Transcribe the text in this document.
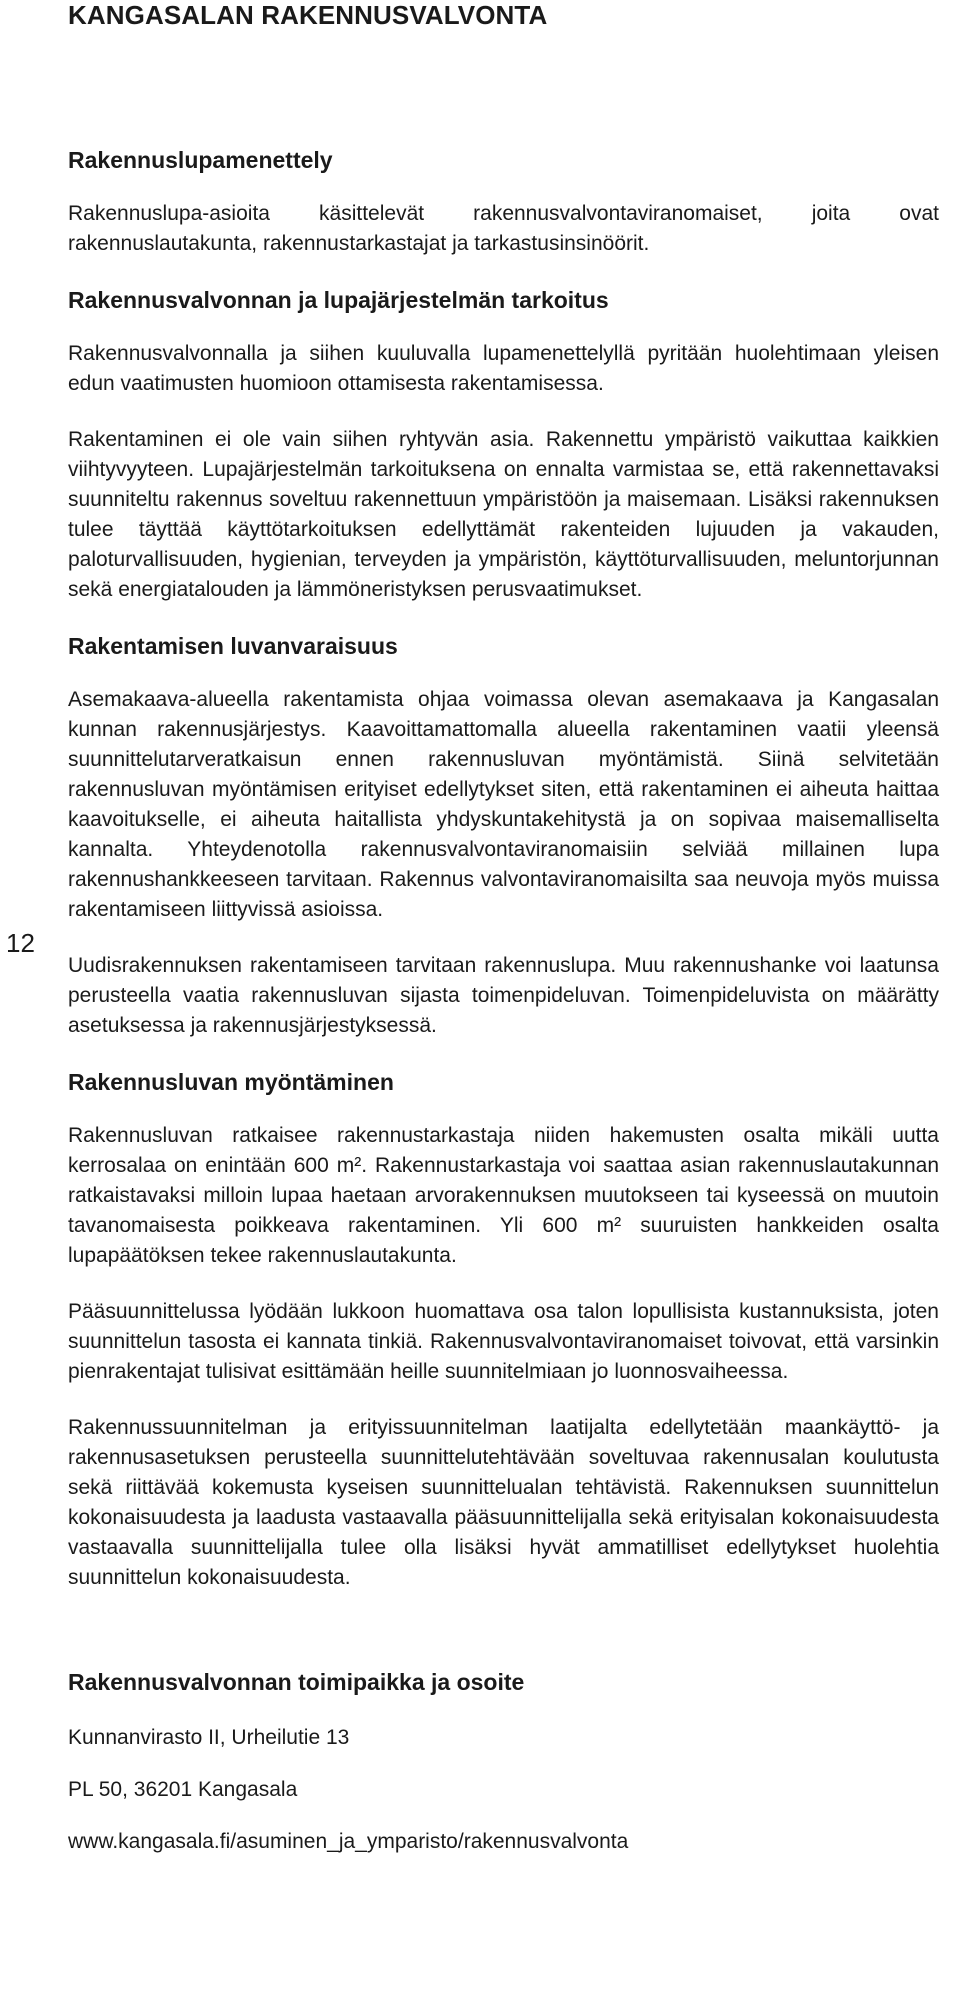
KANGASALAN RAKENNUSVALVONTA
12
Rakennuslupamenettely

Rakennuslupa-asioita käsittelevät rakennusvalvontaviranomaiset, joita ovat rakennuslautakunta, rakennustarkastajat ja tarkastusinsinöörit.

Rakennusvalvonnan ja lupajärjestelmän tarkoitus

Rakennusvalvonnalla ja siihen kuuluvalla lupamenettelyllä pyritään huolehtimaan yleisen edun vaatimusten huomioon ottamisesta rakentamisessa.

Rakentaminen ei ole vain siihen ryhtyvän asia. Rakennettu ympäristö vaikuttaa kaikkien viihtyvyyteen. Lupajärjestelmän tarkoituksena on ennalta varmistaa se, että rakennettavaksi suunniteltu rakennus soveltuu rakennettuun ympäristöön ja maisemaan. Lisäksi rakennuksen tulee täyttää käyttötarkoituksen edellyttämät rakenteiden lujuuden ja vakauden, paloturvallisuuden, hygienian, terveyden ja ympäristön, käyttöturvallisuuden, meluntorjunnan sekä energiatalouden ja lämmöneristyksen perusvaatimukset.

Rakentamisen luvanvaraisuus

Asemakaava-alueella rakentamista ohjaa voimassa olevan asemakaava ja Kangasalan kunnan rakennusjärjestys. Kaavoittamattomalla alueella rakentaminen vaatii yleensä suunnittelutarveratkaisun ennen rakennusluvan myöntämistä. Siinä selvitetään rakennusluvan myöntämisen erityiset edellytykset siten, että rakentaminen ei aiheuta haittaa kaavoitukselle, ei aiheuta haitallista yhdyskuntakehitystä ja on sopivaa maisemalliselta kannalta. Yhteydenotolla rakennusvalvontaviranomaisiin selviää millainen lupa rakennushankkeeseen tarvitaan. Rakennus valvontaviranomaisilta saa neuvoja myös muissa rakentamiseen liittyvissä asioissa.

Uudisrakennuksen rakentamiseen tarvitaan rakennuslupa. Muu rakennushanke voi laatunsa perusteella vaatia rakennusluvan sijasta toimenpideluvan. Toimenpideluvista on määrätty asetuksessa ja rakennusjärjestyksessä.

Rakennusluvan myöntäminen

Rakennusluvan ratkaisee rakennustarkastaja niiden hakemusten osalta mikäli uutta kerrosalaa on enintään 600 m². Rakennustarkastaja voi saattaa asian rakennuslautakunnan ratkaistavaksi milloin lupaa haetaan arvorakennuksen muutokseen tai kyseessä on muutoin tavanomaisesta poikkeava rakentaminen. Yli 600 m² suuruisten hankkeiden osalta lupapäätöksen tekee rakennuslautakunta.

Pääsuunnittelussa lyödään lukkoon huomattava osa talon lopullisista kustannuksista, joten suunnittelun tasosta ei kannata tinkiä. Rakennusvalvontaviranomaiset toivovat, että varsinkin pienrakentajat tulisivat esittämään heille suunnitelmiaan jo luonnosvaiheessa.

Rakennussuunnitelman ja erityissuunnitelman laatijalta edellytetään maankäyttö- ja rakennusasetuksen perusteella suunnittelutehtävään soveltuvaa rakennusalan koulutusta sekä riittävää kokemusta kyseisen suunnittelualan tehtävistä. Rakennuksen suunnittelun kokonaisuudesta ja laadusta vastaavalla pääsuunnittelijalla sekä erityisalan kokonaisuudesta vastaavalla suunnittelijalla tulee olla lisäksi hyvät ammatilliset edellytykset huolehtia suunnittelun kokonaisuudesta.

Rakennusvalvonnan toimipaikka ja osoite
Kunnanvirasto II, Urheilutie 13
PL 50, 36201 Kangasala
www.kangasala.fi/asuminen_ja_ymparisto/rakennusvalvonta
